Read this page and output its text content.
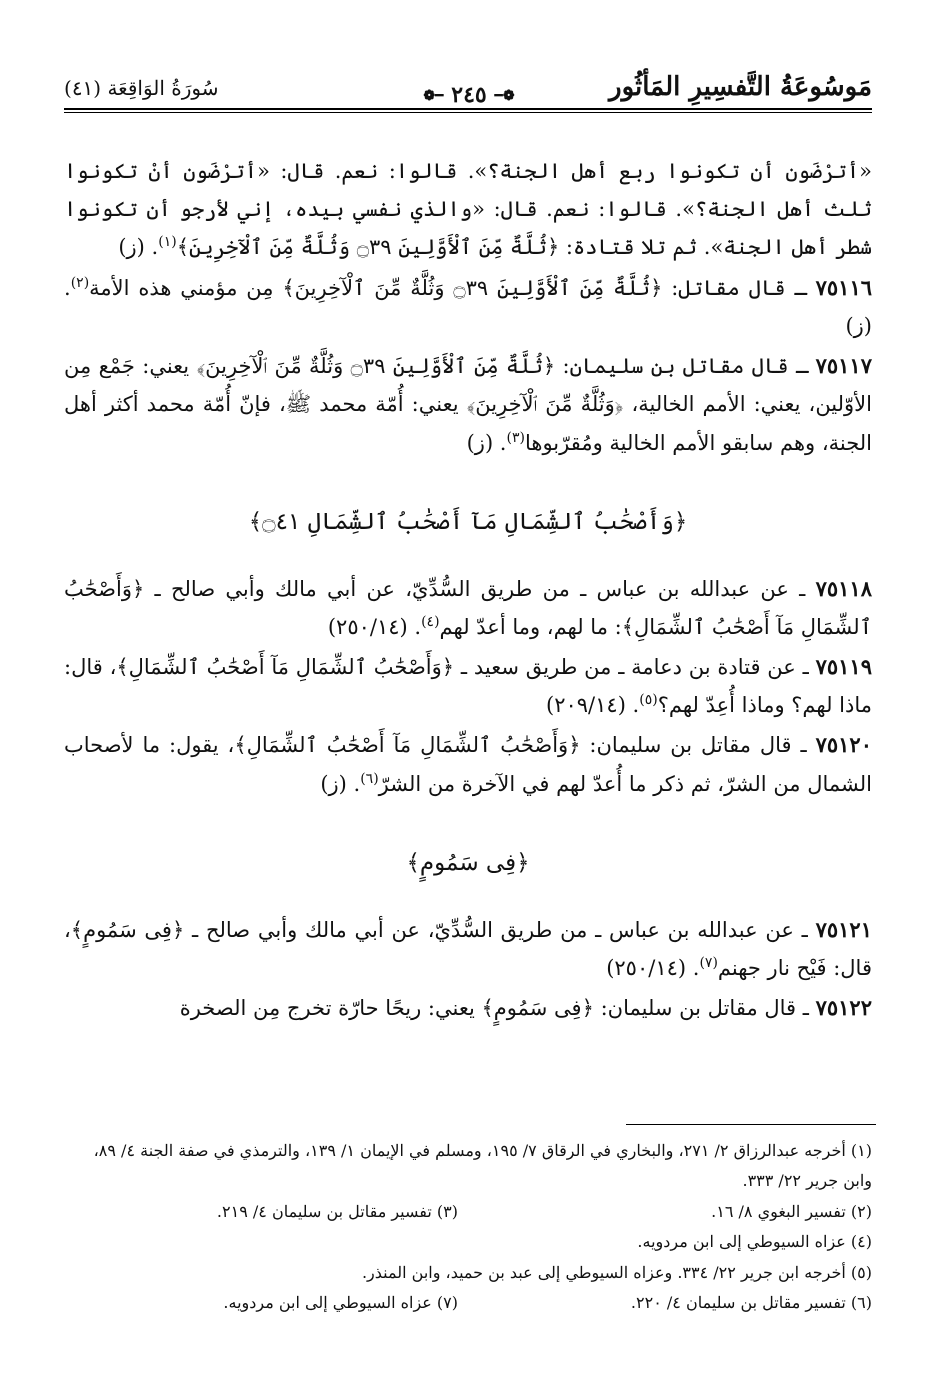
مَوسُوعَةُ التَّفسِيرِ المَأثُور
❁━ ٢٤٥ ━❁
سُورَةُ الوَاقِعَة (٤١)

«أترْضَون أن تكونوا ربع أهل الجنة؟». قالوا: نعم. قال: «أترْضَون أنْ تكونوا ثلث أهل الجنة؟». قالوا: نعم. قال: «والذي نفسي بيده، إني لأرجو أن تكونوا شطر أهل الجنة». ثم تلا قتادة: ﴿ثُلَّةٌ مِّنَ ٱلْأَوَّلِينَ ۝٣٩ وَثُلَّةٌ مِّنَ ٱلْآخِرِينَ﴾$^{(١)}$. (ز)

٧٥١١٦ ـ قال مقاتل: ﴿ثُلَّةٌ مِّنَ ٱلْأَوَّلِينَ ۝٣٩ وَثُلَّةٌ مِّنَ ٱلْآخِرِينَ﴾ مِن مؤمني هذه الأمة$^{(٢)}$. (ز)

٧٥١١٧ ـ قال مقاتل بن سليمان: ﴿ثُلَّةٌ مِّنَ ٱلْأَوَّلِينَ ۝٣٩ وَثُلَّةٌ مِّنَ ٱلْآخِرِينَ﴾ يعني: جَمْع مِن الأوّلين، يعني: الأمم الخالية، ﴿وَثُلَّةٌ مِّنَ ٱلْآخِرِينَ﴾ يعني: أُمّة محمد ﷺ، فإنّ أُمّة محمد أكثر أهل الجنة، وهم سابقو الأمم الخالية ومُقرّبوها$^{(٣)}$. (ز)

﴿وَأَصْحَٰبُ ٱلشِّمَالِ مَآ أَصْحَٰبُ ٱلشِّمَالِ ۝٤١﴾

٧٥١١٨ ـ عن عبدالله بن عباس ـ من طريق السُّدِّيّ، عن أبي مالك وأبي صالح ـ ﴿وَأَصْحَٰبُ ٱلشِّمَالِ مَآ أَصْحَٰبُ ٱلشِّمَالِ﴾: ما لهم، وما أعدّ لهم$^{(٤)}$. (٢٥٠/١٤)

٧٥١١٩ ـ عن قتادة بن دعامة ـ من طريق سعيد ـ ﴿وَأَصْحَٰبُ ٱلشِّمَالِ مَآ أَصْحَٰبُ ٱلشِّمَالِ﴾، قال: ماذا لهم؟ وماذا أُعِدّ لهم؟$^{(٥)}$. (٢٠٩/١٤)

٧٥١٢٠ ـ قال مقاتل بن سليمان: ﴿وَأَصْحَٰبُ ٱلشِّمَالِ مَآ أَصْحَٰبُ ٱلشِّمَالِ﴾، يقول: ما لأصحاب الشمال من الشرّ، ثم ذكر ما أُعدّ لهم في الآخرة من الشرّ$^{(٦)}$. (ز)

﴿فِى سَمُومٍ﴾

٧٥١٢١ ـ عن عبدالله بن عباس ـ من طريق السُّدِّيّ، عن أبي مالك وأبي صالح ـ ﴿فِى سَمُومٍ﴾، قال: فَيْح نار جهنم$^{(٧)}$. (٢٥٠/١٤)

٧٥١٢٢ ـ قال مقاتل بن سليمان: ﴿فِى سَمُومٍ﴾ يعني: ريحًا حارّة تخرج مِن الصخرة

(١) أخرجه عبدالرزاق ٢/ ٢٧١، والبخاري في الرقاق ٧/ ١٩٥، ومسلم في الإيمان ١/ ١٣٩، والترمذي في صفة الجنة ٤/ ٨٩، وابن جرير ٢٢/ ٣٣٣.
(٢) تفسير البغوي ٨/ ١٦.
(٣) تفسير مقاتل بن سليمان ٤/ ٢١٩.
(٤) عزاه السيوطي إلى ابن مردويه.
(٥) أخرجه ابن جرير ٢٢/ ٣٣٤. وعزاه السيوطي إلى عبد بن حميد، وابن المنذر.
(٦) تفسير مقاتل بن سليمان ٤/ ٢٢٠.
(٧) عزاه السيوطي إلى ابن مردويه.
